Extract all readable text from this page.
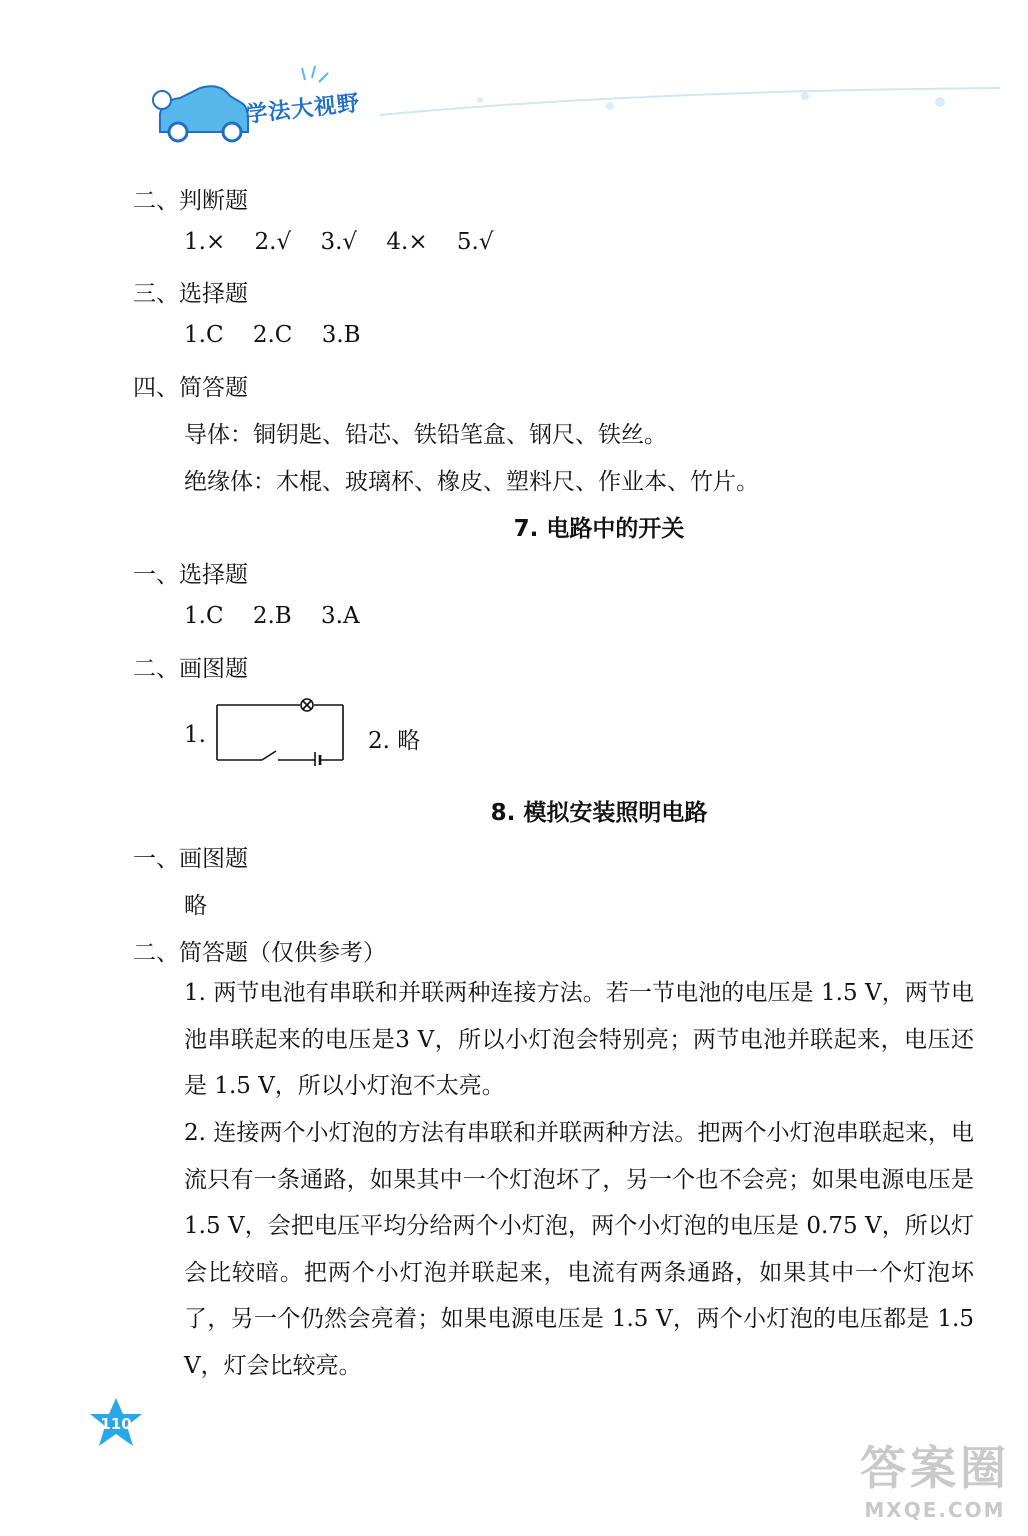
学法大视野
二、判断题
1.× 2.√ 3.√ 4.× 5.√
三、选择题
1.C 2.C 3.B
四、简答题
导体：铜钥匙、铅芯、铁铅笔盒、钢尺、铁丝。
绝缘体：木棍、玻璃杯、橡皮、塑料尺、作业本、竹片。
7. 电路中的开关
一、选择题
1.C 2.B 3.A
二、画图题
1.	2. 略
8. 模拟安装照明电路
一、画图题
略
二、简答题（仅供参考）

1. 两节电池有串联和并联两种连接方法。若一节电池的电压是 1.5 V，两节电池串联起来的电压是3 V，所以小灯泡会特别亮；两节电池并联起来，电压还是 1.5 V，所以小灯泡不太亮。

2. 连接两个小灯泡的方法有串联和并联两种方法。把两个小灯泡串联起来，电流只有一条通路，如果其中一个灯泡坏了，另一个也不会亮；如果电源电压是 1.5 V，会把电压平均分给两个小灯泡，两个小灯泡的电压是 0.75 V，所以灯会比较暗。把两个小灯泡并联起来，电流有两条通路，如果其中一个灯泡坏了，另一个仍然会亮着；如果电源电压是 1.5 V，两个小灯泡的电压都是 1.5 V，灯会比较亮。

110
答案圈
MXQE.COM
